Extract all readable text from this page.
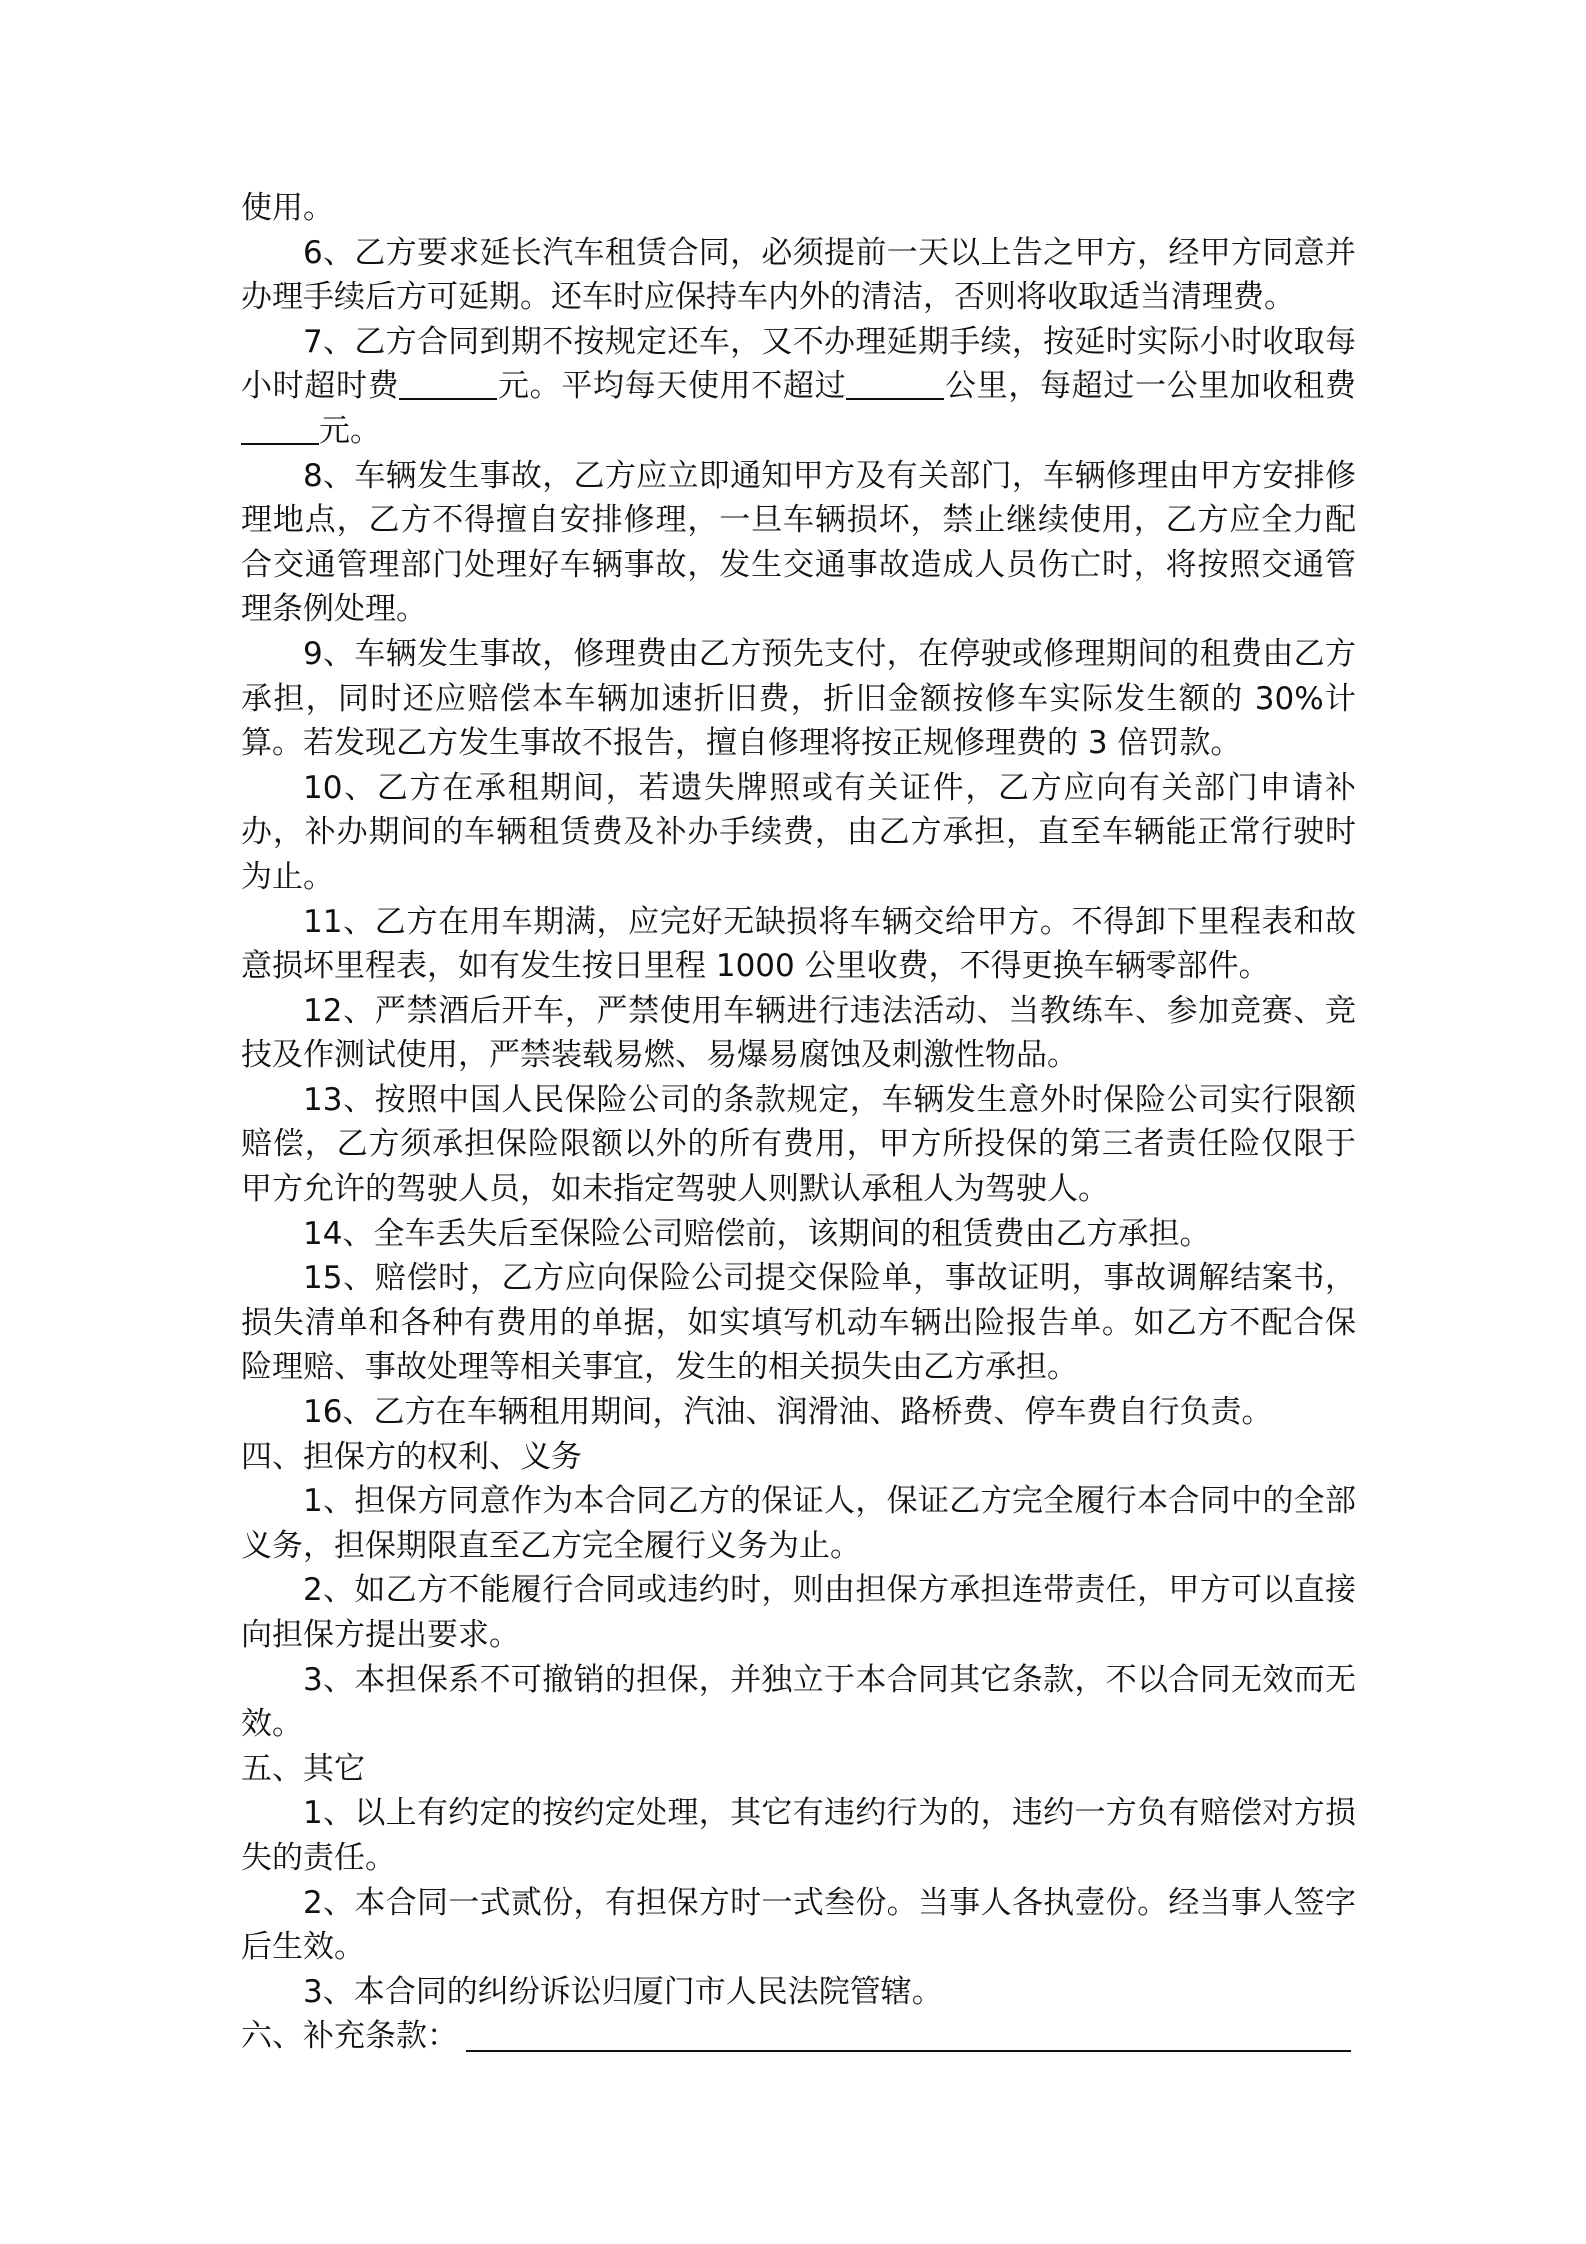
使用。

6、乙方要求延长汽车租赁合同，必须提前一天以上告之甲方，经甲方同意并办理手续后方可延期。还车时应保持车内外的清洁，否则将收取适当清理费。

7、乙方合同到期不按规定还车，又不办理延期手续，按延时实际小时收取每小时超时费	元。平均每天使用不超过	公里，每超过一公里加收租费元。

8、车辆发生事故，乙方应立即通知甲方及有关部门，车辆修理由甲方安排修理地点，乙方不得擅自安排修理，一旦车辆损坏，禁止继续使用，乙方应全力配合交通管理部门处理好车辆事故，发生交通事故造成人员伤亡时，将按照交通管理条例处理。

9、车辆发生事故，修理费由乙方预先支付，在停驶或修理期间的租费由乙方承担，同时还应赔偿本车辆加速折旧费，折旧金额按修车实际发生额的 30%计算。若发现乙方发生事故不报告，擅自修理将按正规修理费的 3 倍罚款。

10、乙方在承租期间，若遗失牌照或有关证件，乙方应向有关部门申请补办，补办期间的车辆租赁费及补办手续费，由乙方承担，直至车辆能正常行驶时为止。

11、乙方在用车期满，应完好无缺损将车辆交给甲方。不得卸下里程表和故意损坏里程表，如有发生按日里程 1000 公里收费，不得更换车辆零部件。

12、严禁酒后开车，严禁使用车辆进行违法活动、当教练车、参加竞赛、竞技及作测试使用，严禁装载易燃、易爆易腐蚀及刺激性物品。

13、按照中国人民保险公司的条款规定，车辆发生意外时保险公司实行限额赔偿，乙方须承担保险限额以外的所有费用，甲方所投保的第三者责任险仅限于甲方允许的驾驶人员，如未指定驾驶人则默认承租人为驾驶人。

14、全车丢失后至保险公司赔偿前，该期间的租赁费由乙方承担。

15、赔偿时，乙方应向保险公司提交保险单，事故证明，事故调解结案书，损失清单和各种有费用的单据，如实填写机动车辆出险报告单。如乙方不配合保险理赔、事故处理等相关事宜，发生的相关损失由乙方承担。

16、乙方在车辆租用期间，汽油、润滑油、路桥费、停车费自行负责。

四、担保方的权利、义务

1、担保方同意作为本合同乙方的保证人，保证乙方完全履行本合同中的全部义务，担保期限直至乙方完全履行义务为止。

2、如乙方不能履行合同或违约时，则由担保方承担连带责任，甲方可以直接向担保方提出要求。

3、本担保系不可撤销的担保，并独立于本合同其它条款，不以合同无效而无效。

五、其它

1、以上有约定的按约定处理，其它有违约行为的，违约一方负有赔偿对方损失的责任。

2、本合同一式贰份，有担保方时一式叁份。当事人各执壹份。经当事人签字后生效。

3、本合同的纠纷诉讼归厦门市人民法院管辖。

六、补充条款：
